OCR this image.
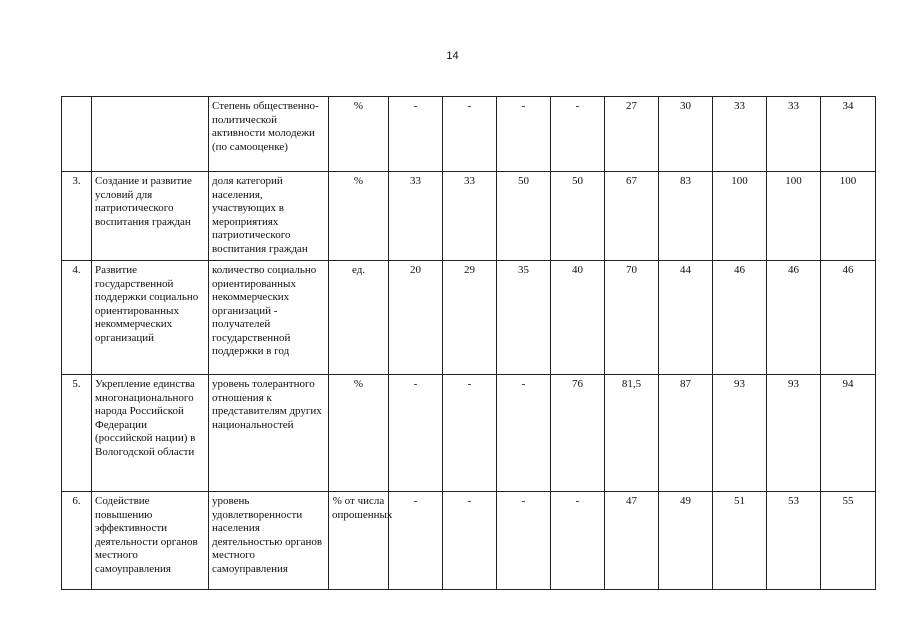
14
		Степень общественно-политической активности молодежи (по самооценке)	%	-	-	-	-	27	30	33	33	34
3.	Создание и развитие условий для патриотического воспитания граждан	доля категорий населения, участвующих в мероприятиях патриотического воспитания граждан	%	33	33	50	50	67	83	100	100	100
4.	Развитие государственной поддержки социально ориентированных некоммерческих организаций	количество социально ориентированных некоммерческих организаций - получателей государственной поддержки в год	ед.	20	29	35	40	70	44	46	46	46
5.	Укрепление единства многонационального народа Российской Федерации (российской нации) в Вологодской области	уровень толерантного отношения к представителям других национальностей	%	-	-	-	76	81,5	87	93	93	94
6.	Содействие повышению эффективности деятельности органов местного самоуправления	уровень удовлетворенности населения деятельностью органов местного самоуправления	% от числа опрошенных	-	-	-	-	47	49	51	53	55
